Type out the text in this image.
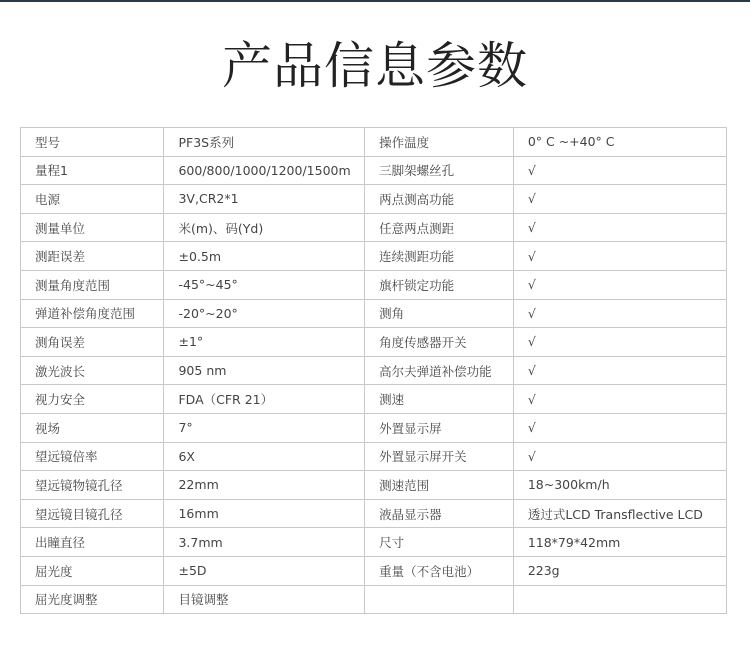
产品信息参数
型号	PF3S系列	操作温度	0° C ~+40° C
量程1	600/800/1000/1200/1500m	三脚架螺丝孔	√
电源	3V,CR2*1	两点测高功能	√
测量单位	米(m)、码(Yd)	任意两点测距	√
测距误差	±0.5m	连续测距功能	√
测量角度范围	-45°~45°	旗杆锁定功能	√
弹道补偿角度范围	-20°~20°	测角	√
测角误差	±1°	角度传感器开关	√
激光波长	905 nm	高尔夫弹道补偿功能	√
视力安全	FDA（CFR 21）	测速	√
视场	7°	外置显示屏	√
望远镜倍率	6X	外置显示屏开关	√
望远镜物镜孔径	22mm	测速范围	18~300km/h
望远镜目镜孔径	16mm	液晶显示器	透过式LCD Transflective LCD
出瞳直径	3.7mm	尺寸	118*79*42mm
屈光度	±5D	重量（不含电池）	223g
屈光度调整	目镜调整		
